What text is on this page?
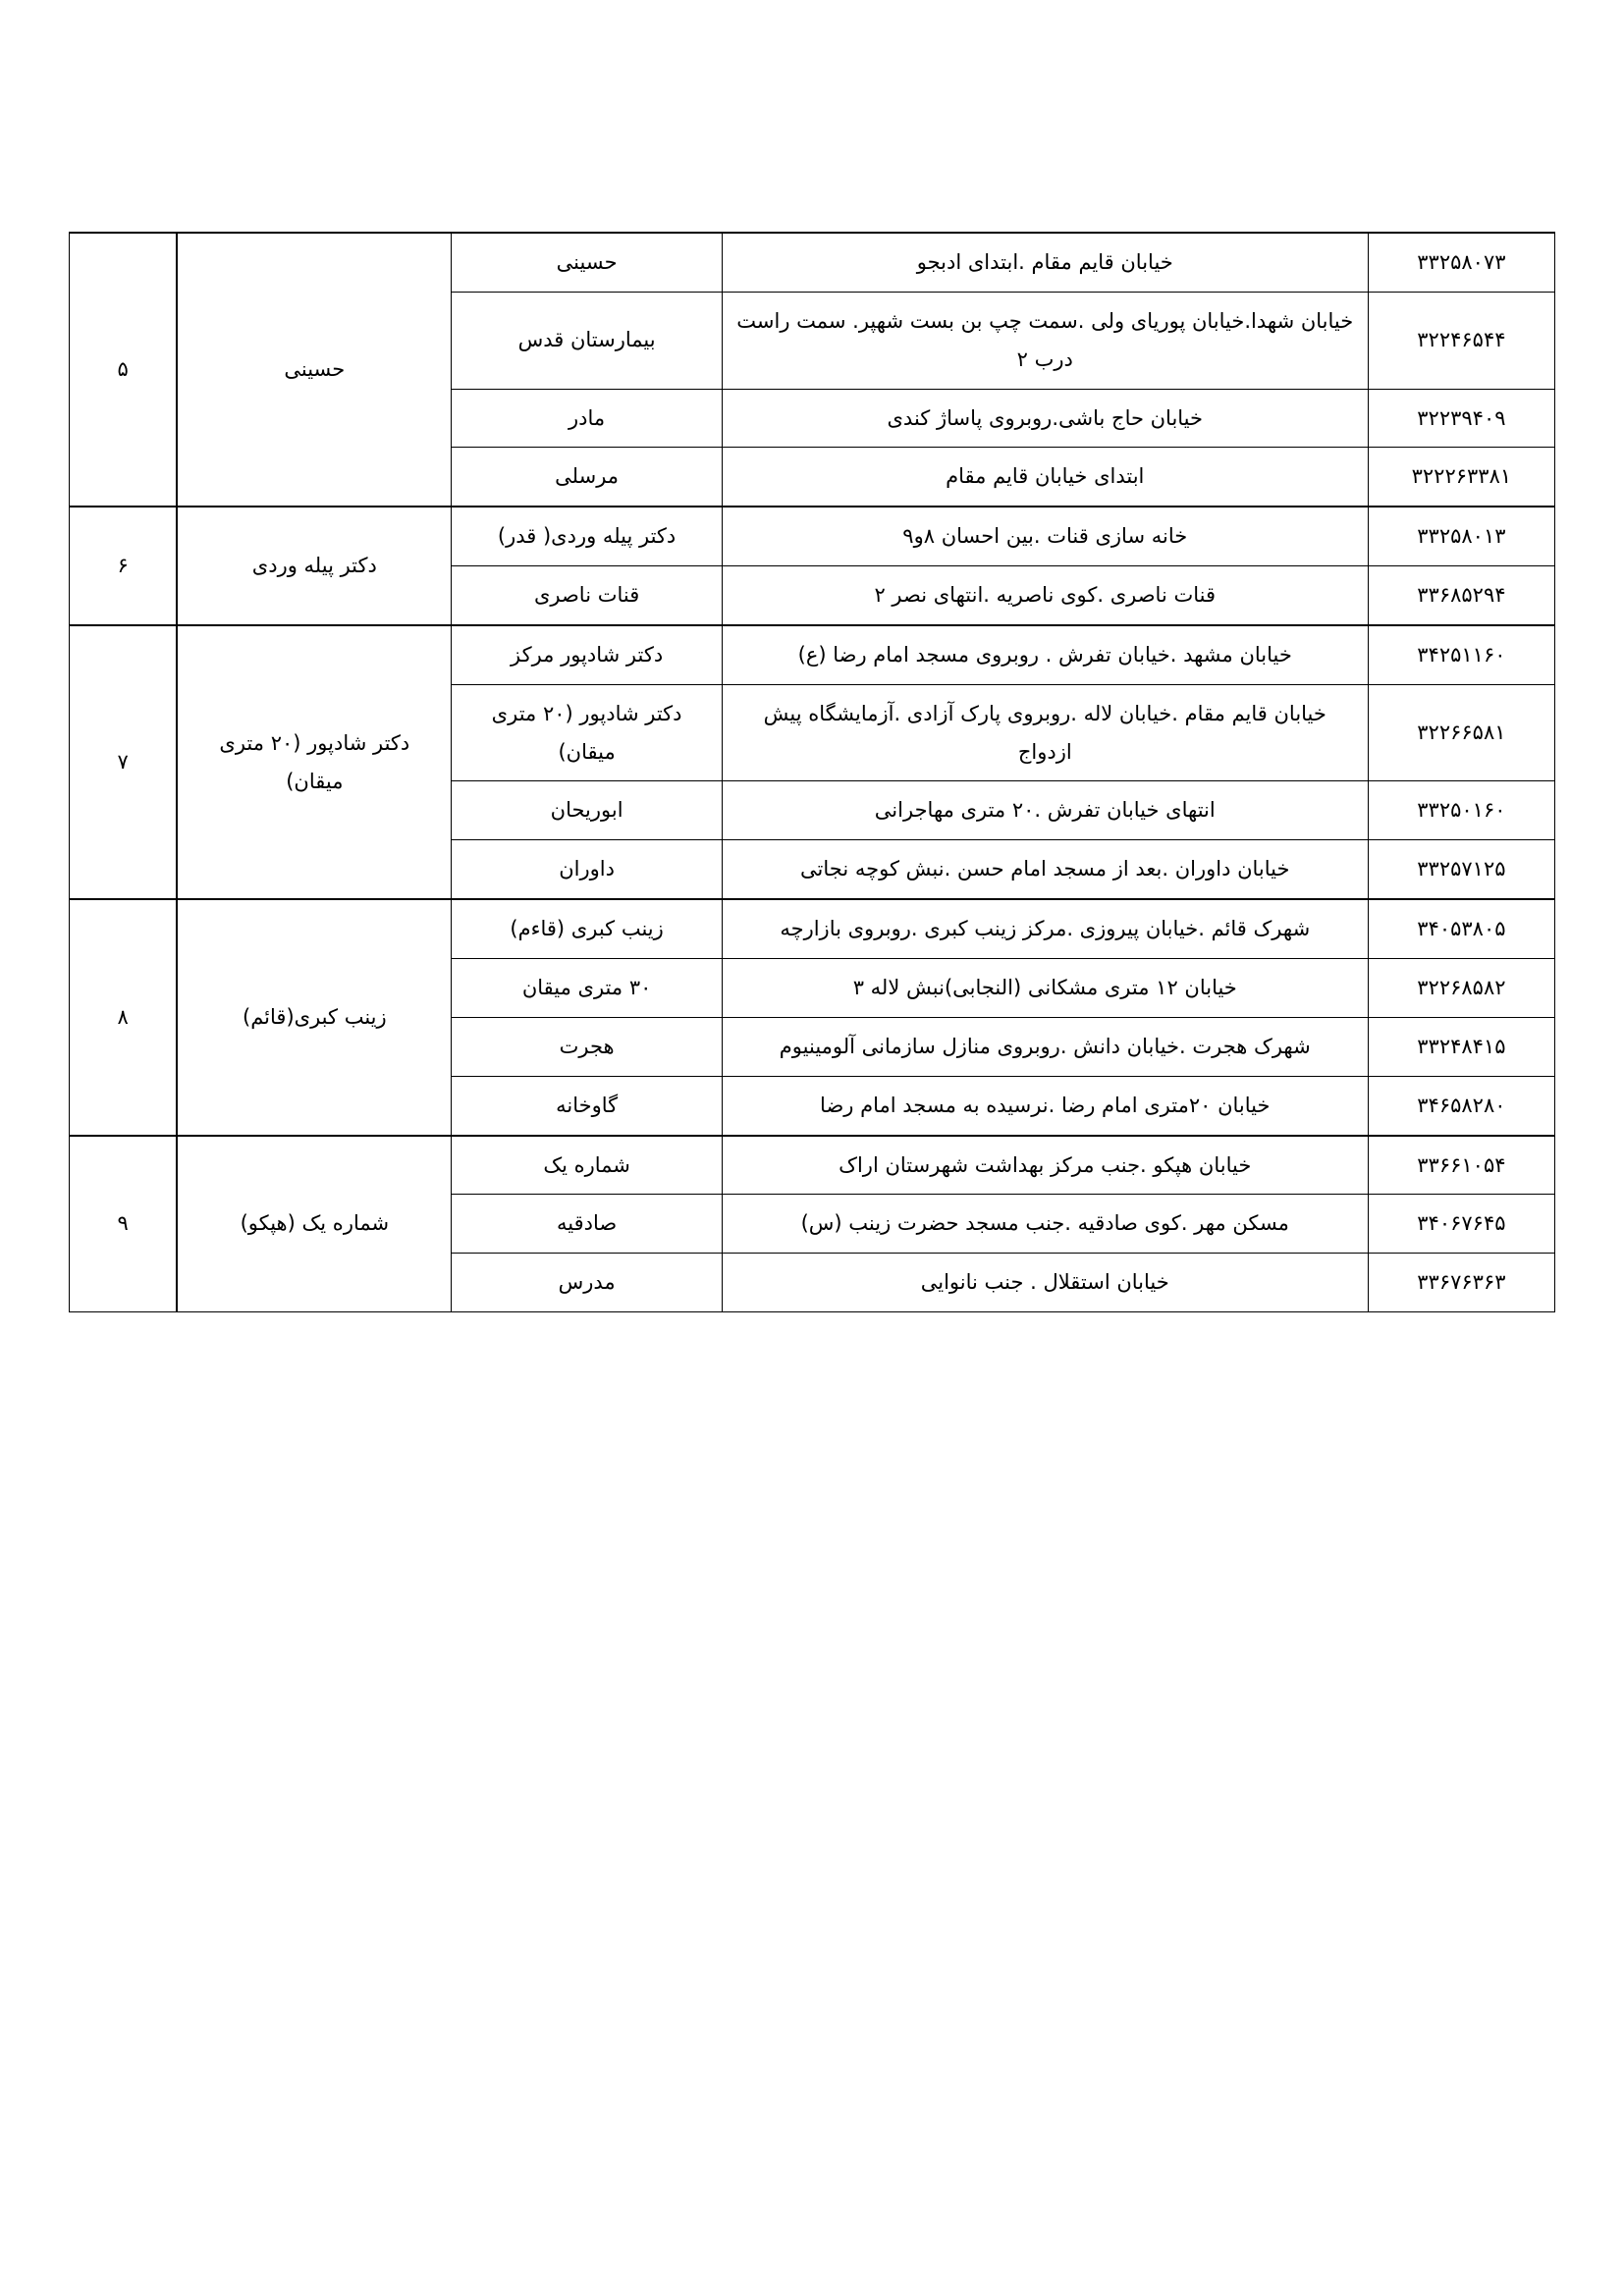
۳۳۲۵۸۰۷۳	خیابان قایم مقام .ابتدای ادبجو	حسینی	حسینی	۵
۳۲۲۴۶۵۴۴	خیابان شهدا.خیابان پوریای ولی .سمت چپ بن بست شهپر. سمت راست درب ۲	بیمارستان قدس		
۳۲۲۳۹۴۰۹	خیابان حاج باشی.روبروی پاساژ کندی	مادر		
۳۲۲۲۶۳۳۸۱	ابتدای خیابان قایم مقام	مرسلی		
۳۳۲۵۸۰۱۳	خانه سازی قنات .بین احسان ۸و۹	دکتر پیله وردی( قدر)	دکتر پیله وردی	۶
۳۳۶۸۵۲۹۴	قنات ناصری .کوی ناصریه .انتهای نصر ۲	قنات ناصری		
۳۴۲۵۱۱۶۰	خیابان مشهد .خیابان تفرش . روبروی مسجد امام رضا (ع)	دکتر شادپور مرکز	دکتر شادپور (۲۰ متری میقان)	۷
۳۲۲۶۶۵۸۱	خیابان قایم مقام .خیابان لاله .روبروی پارک آزادی .آزمایشگاه پیش ازدواج	دکتر شادپور (۲۰ متری میقان)		
۳۳۲۵۰۱۶۰	انتهای خیابان تفرش .۲۰ متری مهاجرانی	ابوریحان		
۳۳۲۵۷۱۲۵	خیابان داوران .بعد از مسجد امام حسن .نبش کوچه نجاتی	داوران		
۳۴۰۵۳۸۰۵	شهرک قائم .خیابان پیروزی .مرکز زینب کبری .روبروی بازارچه	زینب کبری (قاءم)	زینب کبری(قائم)	۸
۳۲۲۶۸۵۸۲	خیابان ۱۲ متری مشکانی (النجابی)نبش لاله ۳	۳۰ متری میقان		
۳۳۲۴۸۴۱۵	شهرک هجرت .خیابان دانش .روبروی منازل سازمانی آلومینیوم	هجرت		
۳۴۶۵۸۲۸۰	خیابان ۲۰متری امام رضا .نرسیده به مسجد امام رضا	گاوخانه		
۳۳۶۶۱۰۵۴	خیابان هپکو .جنب مرکز بهداشت شهرستان اراک	شماره یک	شماره یک (هپکو)	۹
۳۴۰۶۷۶۴۵	مسکن مهر .کوی صادقیه .جنب مسجد حضرت زینب (س)	صادقیه		
۳۳۶۷۶۳۶۳	خیابان استقلال . جنب نانوایی	مدرس		
